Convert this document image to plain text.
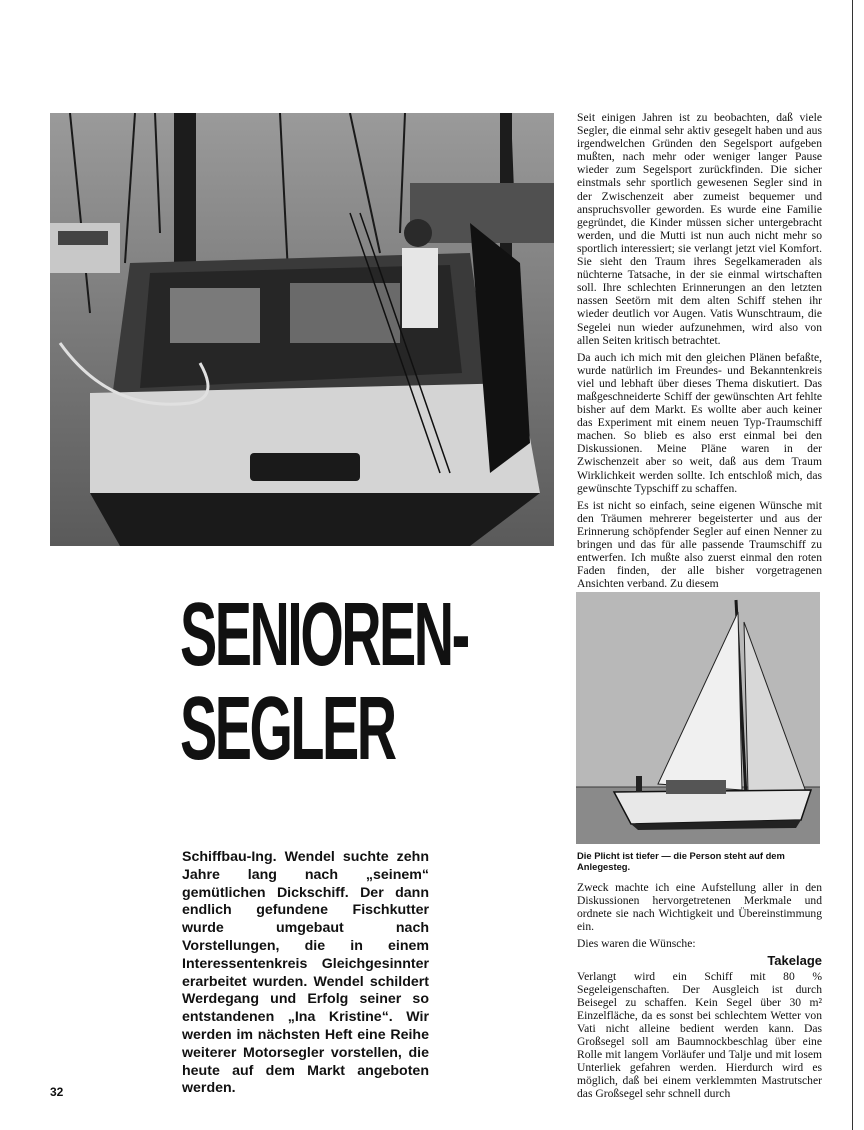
Seit einigen Jahren ist zu beobachten, daß viele Segler, die einmal sehr aktiv gesegelt haben und aus irgendwelchen Gründen den Segelsport aufgeben mußten, nach mehr oder weniger langer Pause wieder zum Segelsport zurückfinden. Die sicher einstmals sehr sportlich gewesenen Segler sind in der Zwischenzeit aber zumeist bequemer und anspruchsvoller geworden. Es wurde eine Familie gegründet, die Kinder müssen sicher untergebracht werden, und die Mutti ist nun auch nicht mehr so sportlich interessiert; sie verlangt jetzt viel Komfort. Sie sieht den Traum ihres Segelkameraden als nüchterne Tatsache, in der sie einmal wirtschaften soll. Ihre schlechten Erinnerungen an den letzten nassen Seetörn mit dem alten Schiff stehen ihr wieder deutlich vor Augen. Vatis Wunschtraum, die Segelei nun wieder aufzunehmen, wird also von allen Seiten kritisch betrachtet.

Da auch ich mich mit den gleichen Plänen befaßte, wurde natürlich im Freundes- und Bekanntenkreis viel und lebhaft über dieses Thema diskutiert. Das maßgeschneiderte Schiff der gewünschten Art fehlte bisher auf dem Markt. Es wollte aber auch keiner das Experiment mit einem neuen Typ-Traumschiff machen. So blieb es also erst einmal bei den Diskussionen. Meine Pläne waren in der Zwischenzeit aber so weit, daß aus dem Traum Wirklichkeit werden sollte. Ich entschloß mich, das gewünschte Typschiff zu schaffen.

Es ist nicht so einfach, seine eigenen Wünsche mit den Träumen mehrerer begeisterter und aus der Erinnerung schöpfender Segler auf einen Nenner zu bringen und das für alle passende Traumschiff zu entwerfen. Ich mußte also zuerst einmal den roten Faden finden, der alle bisher vorgetragenen Ansichten verband. Zu diesem

SENIOREN-
SEGLER
Die Plicht ist tiefer — die Person steht auf dem Anlegesteg.
Schiffbau-Ing. Wendel suchte zehn Jahre lang nach „seinem“ gemütlichen Dickschiff. Der dann endlich gefundene Fischkutter wurde umgebaut nach Vorstellungen, die in einem Interessentenkreis Gleichgesinnter erarbeitet wurden. Wendel schildert Werdegang und Erfolg seiner so entstandenen „Ina Kristine“. Wir werden im nächsten Heft eine Reihe weiterer Motorsegler vorstellen, die heute auf dem Markt angeboten werden.

Zweck machte ich eine Aufstellung aller in den Diskussionen hervorgetretenen Merkmale und ordnete sie nach Wichtigkeit und Übereinstimmung ein.

Dies waren die Wünsche:

Takelage

Verlangt wird ein Schiff mit 80 % Segeleigenschaften. Der Ausgleich ist durch Beisegel zu schaffen. Kein Segel über 30 m² Einzelfläche, da es sonst bei schlechtem Wetter von Vati nicht alleine bedient werden kann. Das Großsegel soll am Baumnockbeschlag über eine Rolle mit langem Vorläufer und Talje und mit losem Unterliek gefahren werden. Hierdurch wird es möglich, daß bei einem verklemmten Mastrutscher das Großsegel sehr schnell durch

32
